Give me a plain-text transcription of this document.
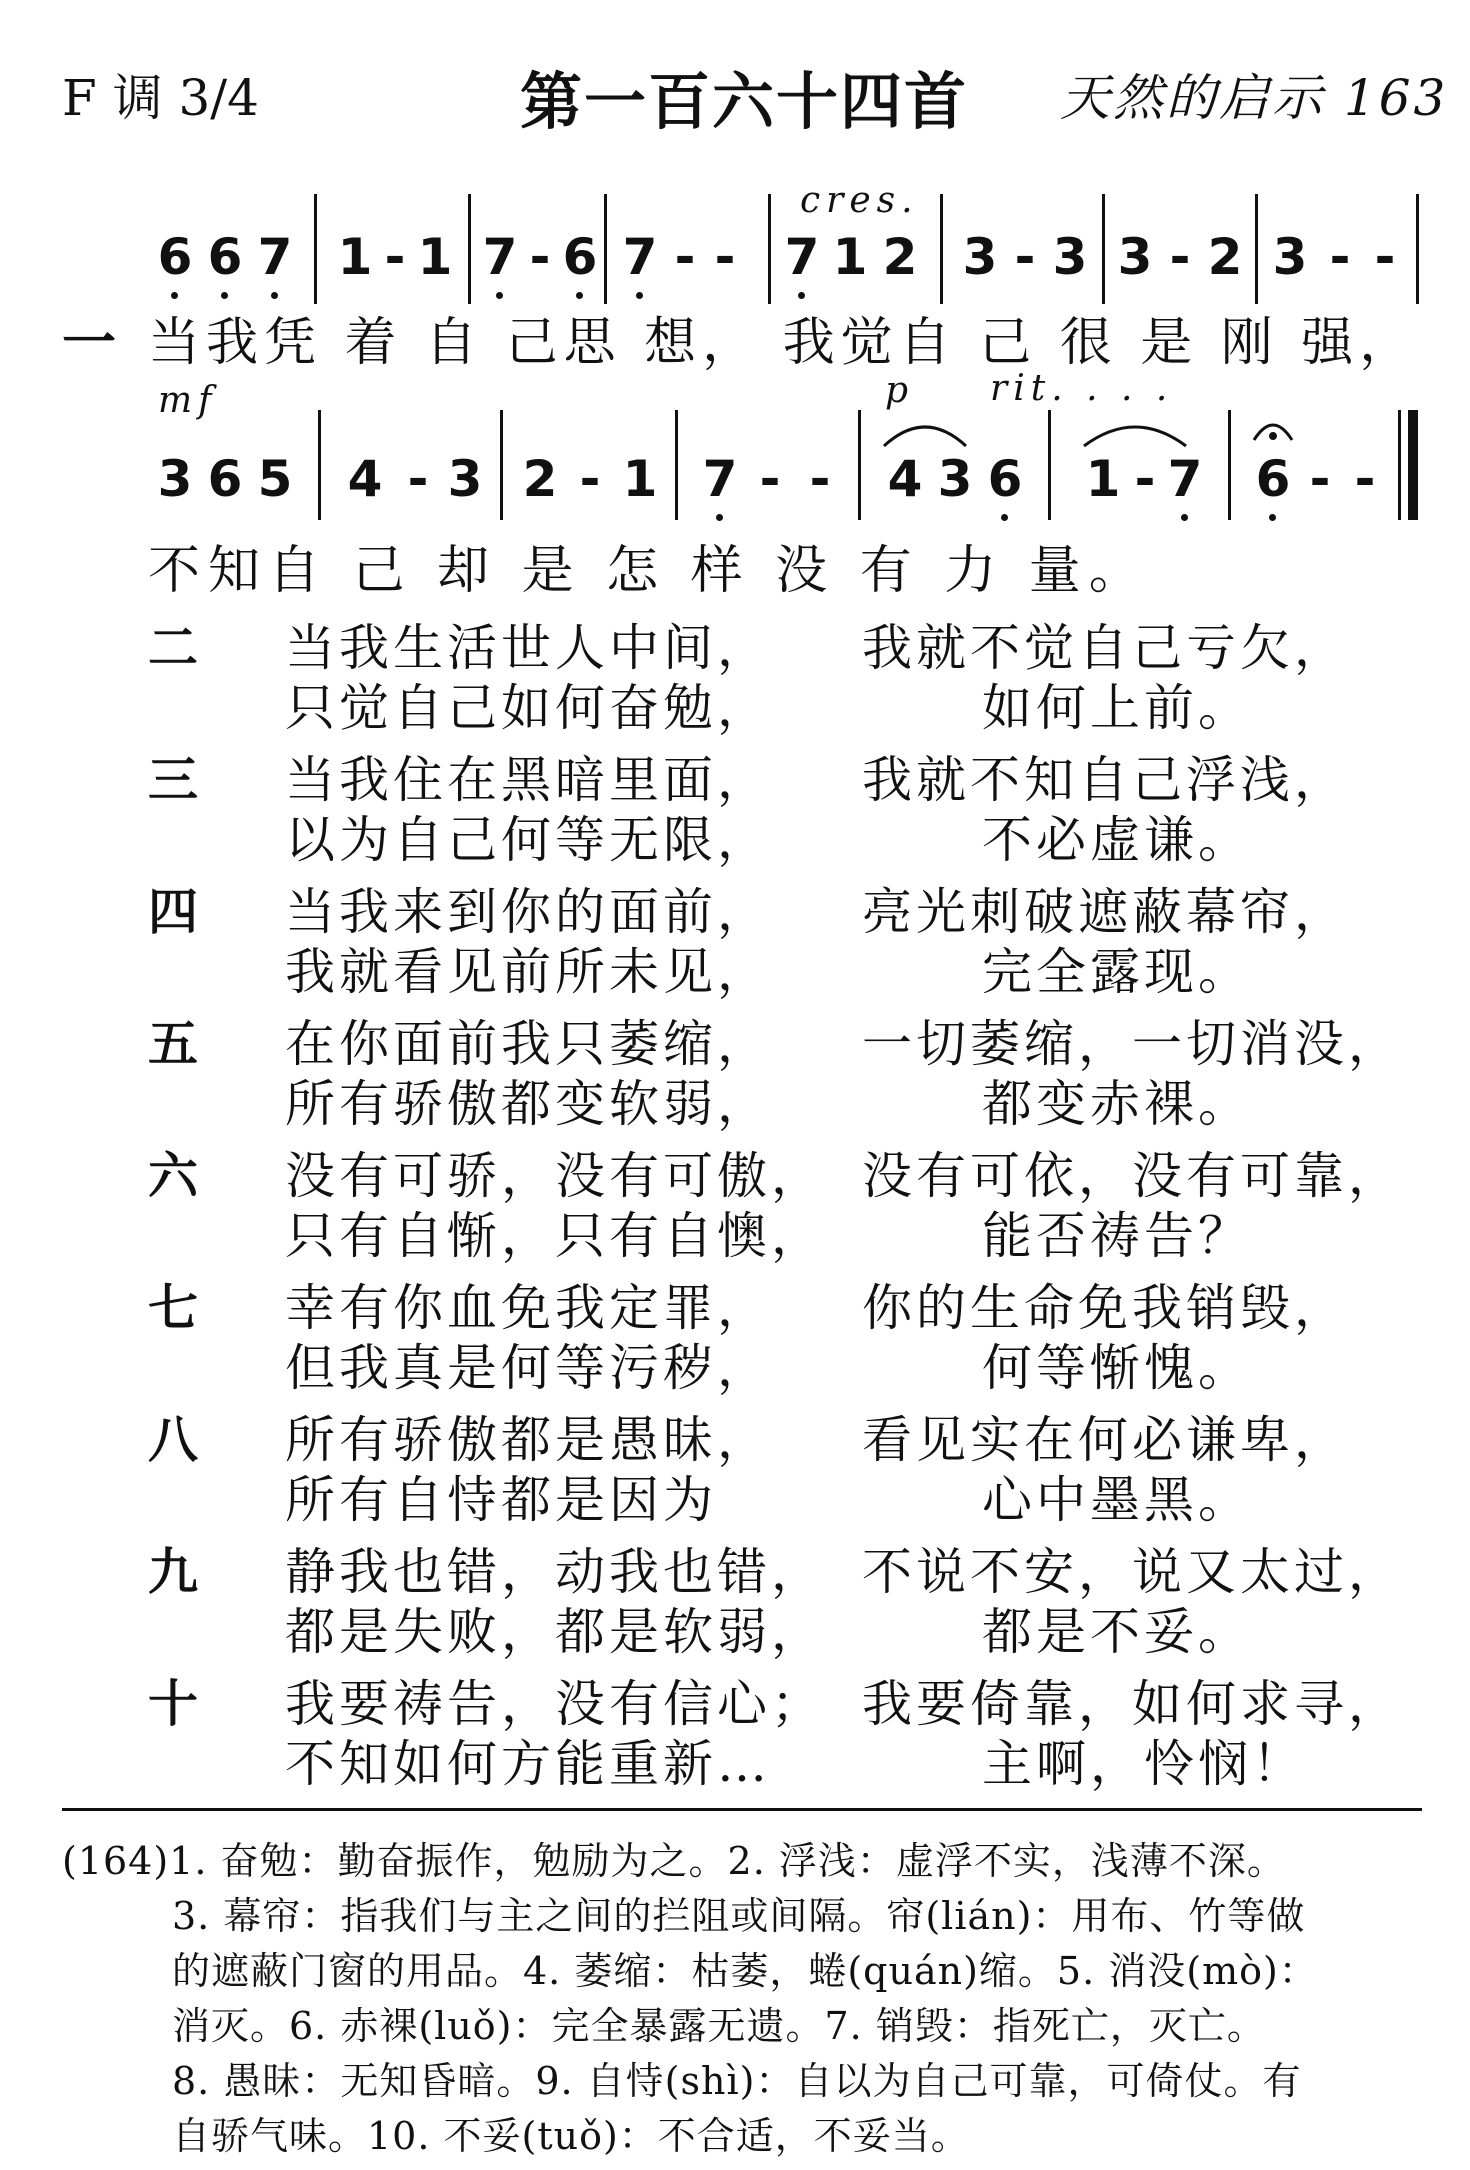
F 调 3/4	第一百六十四首 天然的启示 163
cres.
6 6 7 1 - 1 7 - 6 7 - - 7 1 2 3 - 3 3 - 2 3 - -
一 当我凭 着 自 己思 想， 我觉自 己 很 是 刚 强，
mf	p rit. . . .
3 6 5 4 - 3 2 - 1 7 - - 4 3 6 1 - 7 6 - -
不知自 己 却 是 怎 样 没 有 力 量。
二 当我生活世人中间， 我就不觉自己亏欠，
只觉自己如何奋勉，	如何上前。
三 当我住在黑暗里面， 我就不知自己浮浅，
以为自己何等无限，	不必虚谦。
四 当我来到你的面前， 亮光刺破遮蔽幕帘，
我就看见前所未见，	完全露现。
五 在你面前我只萎缩， 一切萎缩，一切消没，
所有骄傲都变软弱，	都变赤裸。
六 没有可骄，没有可傲， 没有可依，没有可靠，
只有自惭，只有自懊，	能否祷告？
七 幸有你血免我定罪， 你的生命免我销毁，
但我真是何等污秽，	何等惭愧。
八 所有骄傲都是愚昧， 看见实在何必谦卑，
所有自恃都是因为	心中墨黑。
九 静我也错，动我也错， 不说不安，说又太过，
都是失败，都是软弱，	都是不妥。
十 我要祷告，没有信心； 我要倚靠，如何求寻，
不知如何方能重新…	主啊，怜悯！
(164)1. 奋勉：勤奋振作，勉励为之。2. 浮浅：虚浮不实，浅薄不深。
3. 幕帘：指我们与主之间的拦阻或间隔。帘(lián)：用布、竹等做
的遮蔽门窗的用品。4. 萎缩：枯萎，蜷(quán)缩。5. 消没(mò)：
消灭。6. 赤裸(luǒ)：完全暴露无遗。7. 销毁：指死亡，灭亡。
8. 愚昧：无知昏暗。9. 自恃(shì)：自以为自己可靠，可倚仗。有
自骄气味。10. 不妥(tuǒ)：不合适，不妥当。
